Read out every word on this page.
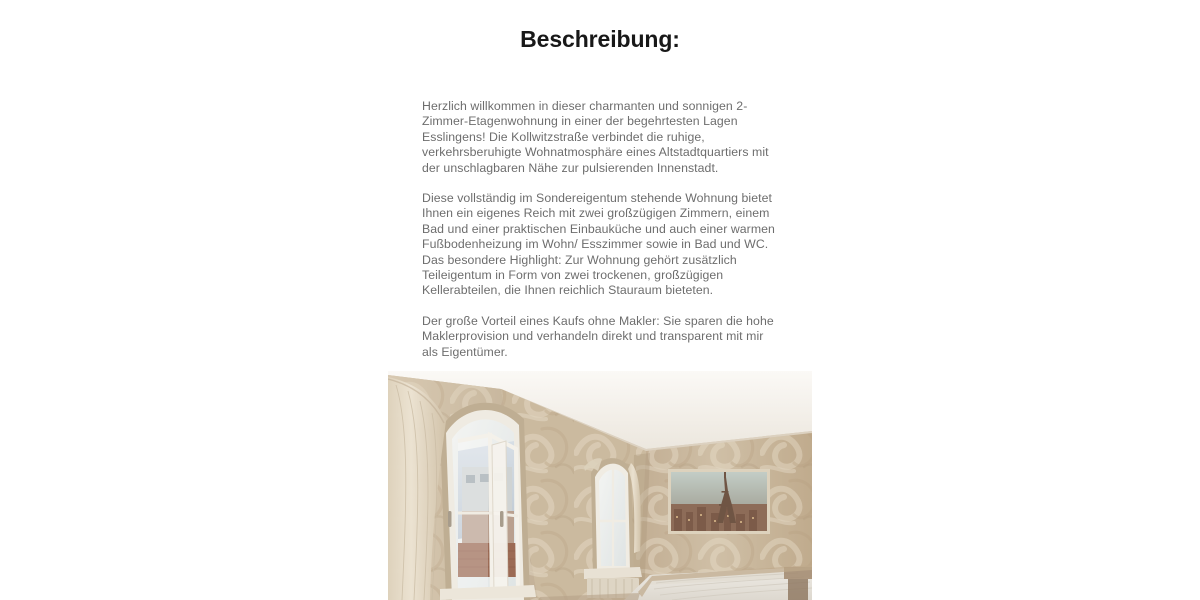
Beschreibung:

Herzlich willkommen in dieser charmanten und sonnigen 2-Zimmer-Etagenwohnung in einer der begehrtesten Lagen Esslingens! Die Kollwitzstraße verbindet die ruhige, verkehrsberuhigte Wohnatmosphäre eines Altstadtquartiers mit der unschlagbaren Nähe zur pulsierenden Innenstadt.

Diese vollständig im Sondereigentum stehende Wohnung bietet Ihnen ein eigenes Reich mit zwei großzügigen Zimmern, einem Bad und einer praktischen Einbauküche und auch einer warmen Fußbodenheizung im Wohn/ Esszimmer sowie in Bad und WC. Das besondere Highlight: Zur Wohnung gehört zusätzlich Teileigentum in Form von zwei trockenen, großzügigen Kellerabteilen, die Ihnen reichlich Stauraum bieteten.

Der große Vorteil eines Kaufs ohne Makler: Sie sparen die hohe Maklerprovision und verhandeln direkt und transparent mit mir als Eigentümer.
